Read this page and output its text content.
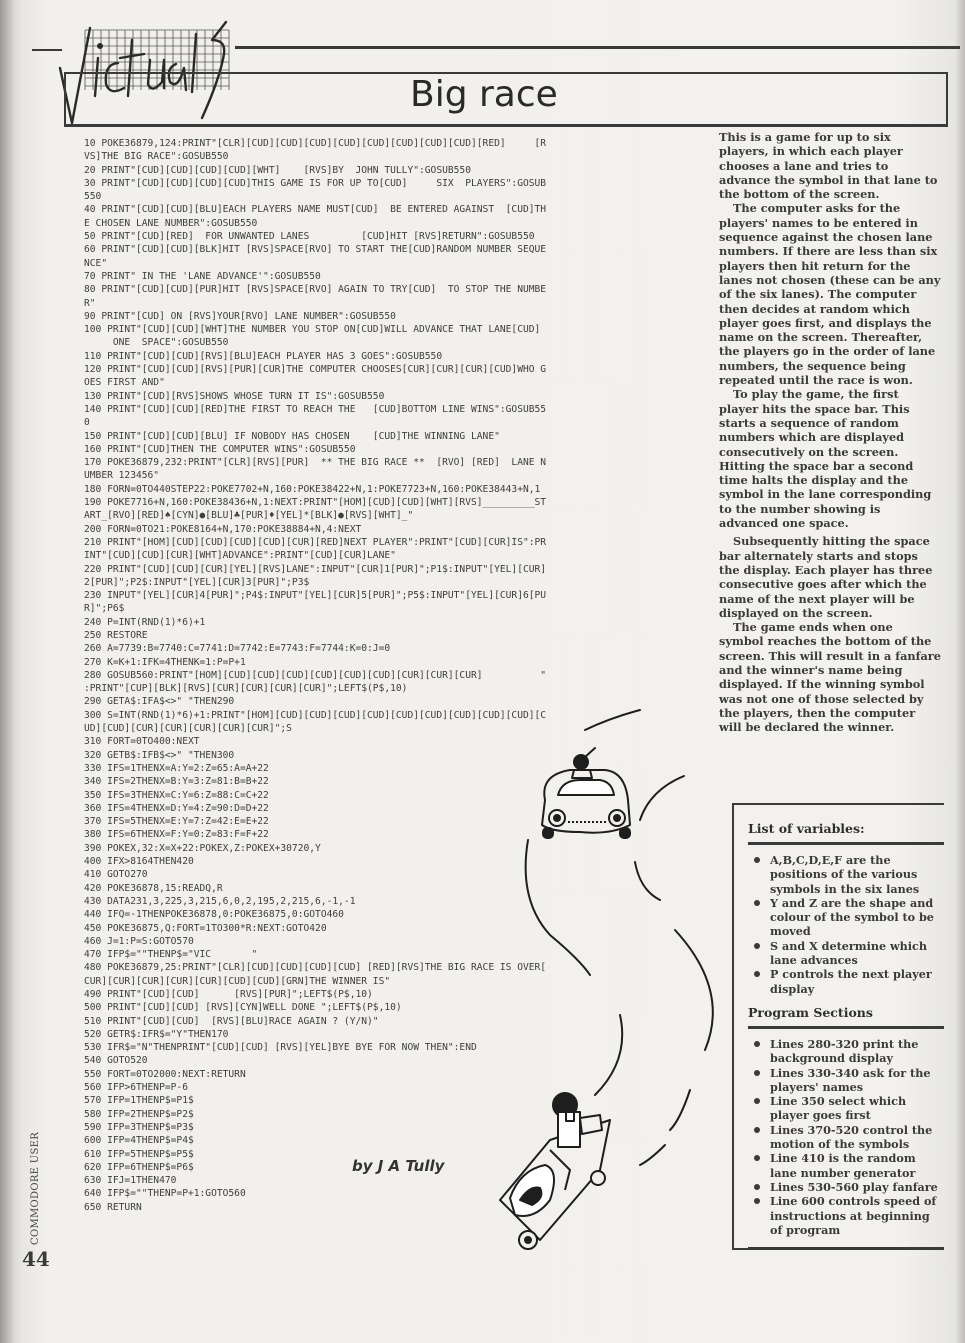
Big race
10 POKE36879,124:PRINT"[CLR][CUD][CUD][CUD][CUD][CUD][CUD][CUD][CUD][RED]     [R
VS]THE BIG RACE":GOSUB550
20 PRINT"[CUD][CUD][CUD][CUD][WHT]    [RVS]BY  JOHN TULLY":GOSUB550
30 PRINT"[CUD][CUD][CUD][CUD]THIS GAME IS FOR UP TO[CUD]     SIX  PLAYERS":GOSUB
550
40 PRINT"[CUD][CUD][BLU]EACH PLAYERS NAME MUST[CUD]  BE ENTERED AGAINST  [CUD]TH
E CHOSEN LANE NUMBER":GOSUB550
50 PRINT"[CUD][RED]  FOR UNWANTED LANES         [CUD]HIT [RVS]RETURN":GOSUB550
60 PRINT"[CUD][CUD][BLK]HIT [RVS]SPACE[RVO] TO START THE[CUD]RANDOM NUMBER SEQUE
NCE"
70 PRINT" IN THE 'LANE ADVANCE'":GOSUB550
80 PRINT"[CUD][CUD][PUR]HIT [RVS]SPACE[RVO] AGAIN TO TRY[CUD]  TO STOP THE NUMBE
R"
90 PRINT"[CUD] ON [RVS]YOUR[RVO] LANE NUMBER":GOSUB550
100 PRINT"[CUD][CUD][WHT]THE NUMBER YOU STOP ON[CUD]WILL ADVANCE THAT LANE[CUD]
ONE  SPACE":GOSUB550
110 PRINT"[CUD][CUD][RVS][BLU]EACH PLAYER HAS 3 GOES":GOSUB550
120 PRINT"[CUD][CUD][RVS][PUR][CUR]THE COMPUTER CHOOSES[CUR][CUR][CUR][CUD]WHO G
OES FIRST AND"
130 PRINT"[CUD][RVS]SHOWS WHOSE TURN IT IS":GOSUB550
140 PRINT"[CUD][CUD][RED]THE FIRST TO REACH THE   [CUD]BOTTOM LINE WINS":GOSUB55
0
150 PRINT"[CUD][CUD][BLU] IF NOBODY HAS CHOSEN    [CUD]THE WINNING LANE"
160 PRINT"[CUD]THEN THE COMPUTER WINS":GOSUB550
170 POKE36879,232:PRINT"[CLR][RVS][PUR]  ** THE BIG RACE **  [RVO] [RED]  LANE N
UMBER 123456"
180 FORN=0TO440STEP22:POKE7702+N,160:POKE38422+N,1:POKE7723+N,160:POKE38443+N,1
190 POKE7716+N,160:POKE38436+N,1:NEXT:PRINT"[HOM][CUD][CUD][WHT][RVS]_________ST
ART_[RVO][RED]♠[CYN]●[BLU]♣[PUR]♦[YEL]*[BLK]●[RVS][WHT]_"
200 FORN=0TO21:POKE8164+N,170:POKE38884+N,4:NEXT
210 PRINT"[HOM][CUD][CUD][CUD][CUD][CUR][RED]NEXT PLAYER":PRINT"[CUD][CUR]IS":PR
INT"[CUD][CUD][CUR][WHT]ADVANCE":PRINT"[CUD][CUR]LANE"
220 PRINT"[CUD][CUD][CUR][YEL][RVS]LANE":INPUT"[CUR]1[PUR]";P1$:INPUT"[YEL][CUR]
2[PUR]";P2$:INPUT"[YEL][CUR]3[PUR]";P3$
230 INPUT"[YEL][CUR]4[PUR]";P4$:INPUT"[YEL][CUR]5[PUR]";P5$:INPUT"[YEL][CUR]6[PU
R]";P6$
240 P=INT(RND(1)*6)+1
250 RESTORE
260 A=7739:B=7740:C=7741:D=7742:E=7743:F=7744:K=0:J=0
270 K=K+1:IFK=4THENK=1:P=P+1
280 GOSUB560:PRINT"[HOM][CUD][CUD][CUD][CUD][CUD][CUD][CUR][CUR][CUR]          "
:PRINT"[CUP][BLK][RVS][CUR][CUR][CUR][CUR]";LEFT$(P$,10)
290 GETA$:IFA$<>" "THEN290
300 S=INT(RND(1)*6)+1:PRINT"[HOM][CUD][CUD][CUD][CUD][CUD][CUD][CUD][CUD][CUD][C
UD][CUD][CUR][CUR][CUR][CUR][CUR]";S
310 FORT=0TO400:NEXT
320 GETB$:IFB$<>" "THEN300
330 IFS=1THENX=A:Y=2:Z=65:A=A+22
340 IFS=2THENX=B:Y=3:Z=81:B=B+22
350 IFS=3THENX=C:Y=6:Z=88:C=C+22
360 IFS=4THENX=D:Y=4:Z=90:D=D+22
370 IFS=5THENX=E:Y=7:Z=42:E=E+22
380 IFS=6THENX=F:Y=0:Z=83:F=F+22
390 POKEX,32:X=X+22:POKEX,Z:POKEX+30720,Y
400 IFX>8164THEN420
410 GOTO270
420 POKE36878,15:READQ,R
430 DATA231,3,225,3,215,6,0,2,195,2,215,6,-1,-1
440 IFQ=-1THENPOKE36878,0:POKE36875,0:GOTO460
450 POKE36875,Q:FORT=1TO300*R:NEXT:GOTO420
460 J=1:P=S:GOTO570
470 IFP$=""THENP$="VIC       "
480 POKE36879,25:PRINT"[CLR][CUD][CUD][CUD][CUD] [RED][RVS]THE BIG RACE IS OVER[
CUR][CUR][CUR][CUR][CUR][CUD][CUD][GRN]THE WINNER IS"
490 PRINT"[CUD][CUD]      [RVS][PUR]";LEFT$(P$,10)
500 PRINT"[CUD][CUD] [RVS][CYN]WELL DONE ";LEFT$(P$,10)
510 PRINT"[CUD][CUD]  [RVS][BLU]RACE AGAIN ? (Y/N)"
520 GETR$:IFR$="Y"THEN170
530 IFR$="N"THENPRINT"[CUD][CUD] [RVS][YEL]BYE BYE FOR NOW THEN":END
540 GOTO520
550 FORT=0TO2000:NEXT:RETURN
560 IFP>6THENP=P-6
570 IFP=1THENP$=P1$
580 IFP=2THENP$=P2$
590 IFP=3THENP$=P3$
600 IFP=4THENP$=P4$
610 IFP=5THENP$=P5$
620 IFP=6THENP$=P6$
630 IFJ=1THEN470
640 IFP$=""THENP=P+1:GOTO560
650 RETURN
by J A Tully

This is a game for up to six players, in which each player chooses a lane and tries to advance the symbol in that lane to the bottom of the screen.

The computer asks for the players' names to be entered in sequence against the chosen lane numbers. If there are less than six players then hit return for the lanes not chosen (these can be any of the six lanes). The computer then decides at random which player goes first, and displays the name on the screen. Thereafter, the players go in the order of lane numbers, the sequence being repeated until the race is won.

To play the game, the first player hits the space bar. This starts a sequence of random numbers which are displayed consecutively on the screen. Hitting the space bar a second time halts the display and the symbol in the lane corresponding to the number showing is advanced one space.

Subsequently hitting the space bar alternately starts and stops the display. Each player has three consecutive goes after which the name of the next player will be displayed on the screen.

The game ends when one symbol reaches the bottom of the screen. This will result in a fanfare and the winner's name being displayed. If the winning symbol was not one of those selected by the players, then the computer will be declared the winner.

List of variables:
A,B,C,D,E,F are the positions of the various symbols in the six lanes
Y and Z are the shape and colour of the symbol to be moved
S and X determine which lane advances
P controls the next player display
Program Sections
Lines 280-320 print the background display
Lines 330-340 ask for the players' names
Line 350 select which player goes first
Lines 370-520 control the motion of the symbols
Line 410 is the random lane number generator
Lines 530-560 play fanfare
Line 600 controls speed of instructions at beginning of program
COMMODORE USER
44
